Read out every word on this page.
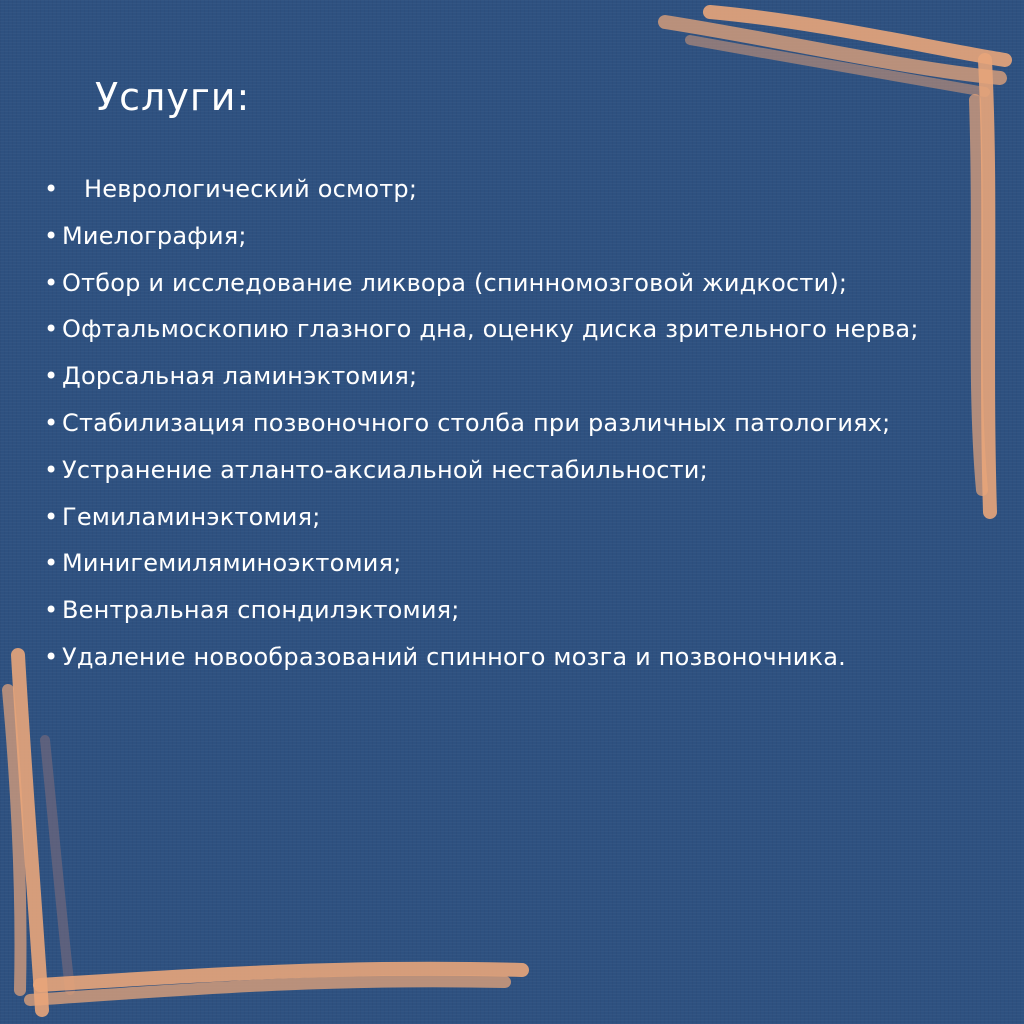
Услуги:
• Неврологический осмотр;
• Миелография;
• Отбор и исследование ликвора (спинномозговой жидкости);
• Офтальмоскопию глазного дна, оценку диска зрительного нерва;
• Дорсальная ламинэктомия;
• Стабилизация позвоночного столба при различных патологиях;
• Устранение атланто-аксиальной нестабильности;
• Гемиламинэктомия;
• Минигемиляминоэктомия;
• Вентральная спондилэктомия;
• Удаление новообразований спинного мозга и позвоночника.
